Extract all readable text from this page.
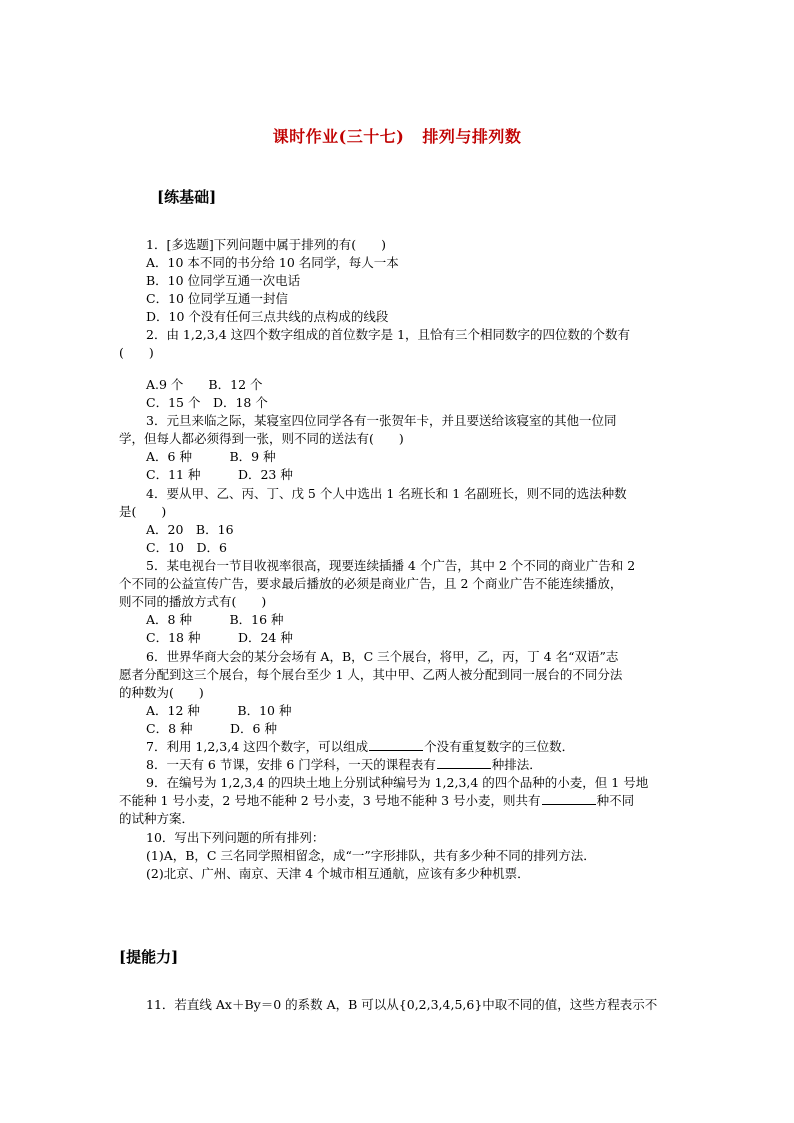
课时作业(三十七) 排列与排列数
[练基础]
1．[多选题]下列问题中属于排列的有(　　)
A．10 本不同的书分给 10 名同学，每人一本
B．10 位同学互通一次电话
C．10 位同学互通一封信
D．10 个没有任何三点共线的点构成的线段
2．由 1,2,3,4 这四个数字组成的首位数字是 1，且恰有三个相同数字的四位数的个数有
(　　)
A.9 个　　B．12 个
C．15 个　D．18 个
3．元旦来临之际，某寝室四位同学各有一张贺年卡，并且要送给该寝室的其他一位同
学，但每人都必须得到一张，则不同的送法有(　　)
A．6 种　　　B．9 种
C．11 种　　　D．23 种
4．要从甲、乙、丙、丁、戊 5 个人中选出 1 名班长和 1 名副班长，则不同的选法种数
是(　　)
A．20　B．16
C．10　D．6
5．某电视台一节目收视率很高，现要连续插播 4 个广告，其中 2 个不同的商业广告和 2
个不同的公益宣传广告，要求最后播放的必须是商业广告，且 2 个商业广告不能连续播放，
则不同的播放方式有(　　)
A．8 种　　　B．16 种
C．18 种　　　D．24 种
6．世界华商大会的某分会场有 A，B，C 三个展台，将甲，乙，丙，丁 4 名“双语”志
愿者分配到这三个展台，每个展台至少 1 人，其中甲、乙两人被分配到同一展台的不同分法
的种数为(　　)
A．12 种　　　B．10 种
C．8 种　　　D．6 种
7．利用 1,2,3,4 这四个数字，可以组成	个没有重复数字的三位数．
8．一天有 6 节课，安排 6 门学科，一天的课程表有	种排法．
9．在编号为 1,2,3,4 的四块土地上分别试种编号为 1,2,3,4 的四个品种的小麦，但 1 号地
不能种 1 号小麦，2 号地不能种 2 号小麦，3 号地不能种 3 号小麦，则共有	种不同
的试种方案．
10．写出下列问题的所有排列：
(1)A，B，C 三名同学照相留念，成“一”字形排队，共有多少种不同的排列方法．
(2)北京、广州、南京、天津 4 个城市相互通航，应该有多少种机票．
11．若直线 Ax＋By＝0 的系数 A，B 可以从{0,2,3,4,5,6}中取不同的值，这些方程表示不
[提能力]
